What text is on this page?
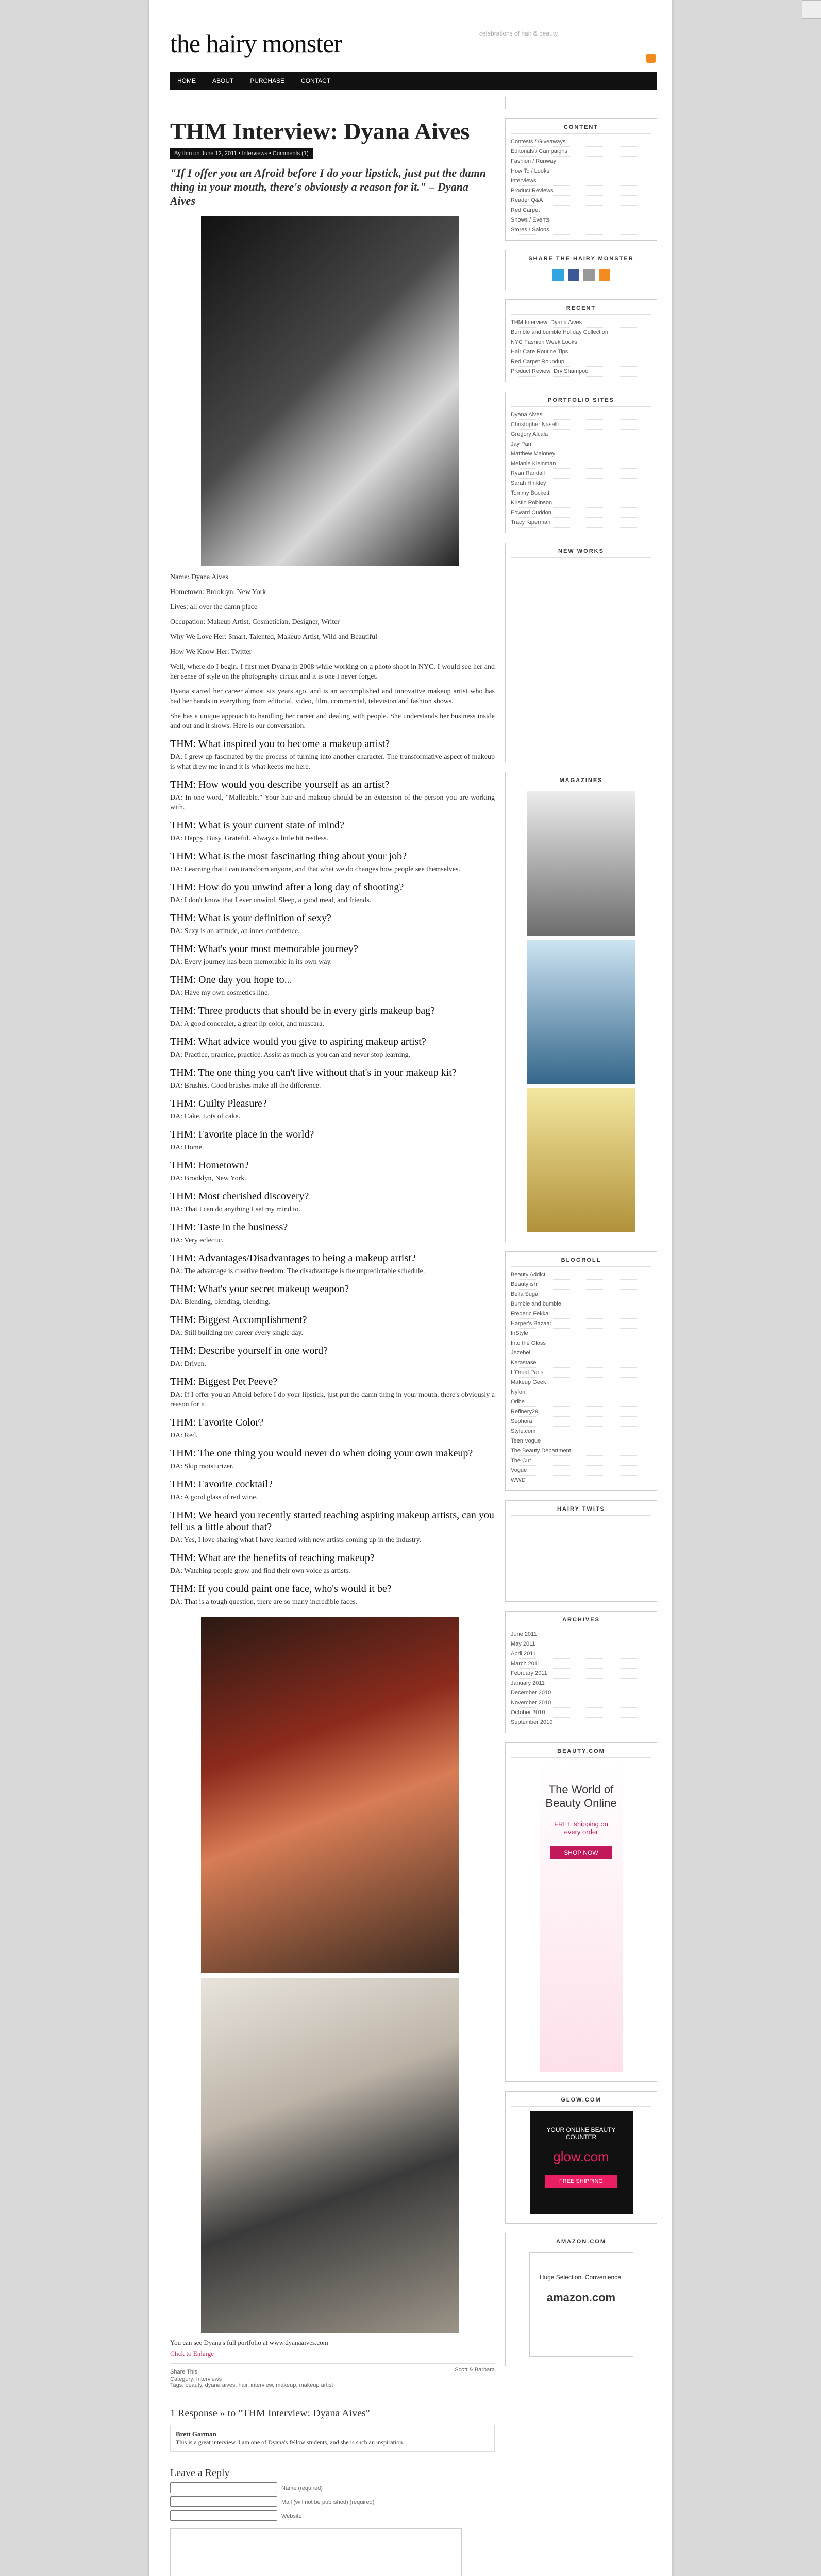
the hairy monster	celebrations of hair & beauty
HOME	ABOUT	PURCHASE	CONTACT
THM Interview: Dyana Aives
By thm on June 12, 2011 • Interviews • Comments (1)
"If I offer you an Afroid before I do your lipstick, just put the damn thing in your mouth, there's obviously a reason for it." – Dyana Aives
Name: Dyana Aives
Hometown: Brooklyn, New York
Lives: all over the damn place
Occupation: Makeup Artist, Cosmetician, Designer, Writer
Why We Love Her: Smart, Talented, Makeup Artist, Wild and Beautiful
How We Know Her: Twitter
Well, where do I begin. I first met Dyana in 2008 while working on a photo shoot in NYC. I would see her and her sense of style on the photography circuit and it is one I never forget.
Dyana started her career almost six years ago, and is an accomplished and innovative makeup artist who has had her hands in everything from editorial, video, film, commercial, television and fashion shows.
She has a unique approach to handling her career and dealing with people. She understands her business inside and out and it shows. Here is our conversation.
THM: What inspired you to become a makeup artist?
DA: I grew up fascinated by the process of turning into another character. The transformative aspect of makeup is what drew me in and it is what keeps me here.
THM: How would you describe yourself as an artist?
DA: In one word, "Malleable." Your hair and makeup should be an extension of the person you are working with.
THM: What is your current state of mind?
DA: Happy. Busy. Grateful. Always a little bit restless.
THM: What is the most fascinating thing about your job?
DA: Learning that I can transform anyone, and that what we do changes how people see themselves.
THM: How do you unwind after a long day of shooting?
DA: I don't know that I ever unwind. Sleep, a good meal, and friends.
THM: What is your definition of sexy?
DA: Sexy is an attitude, an inner confidence.
THM: What's your most memorable journey?
DA: Every journey has been memorable in its own way.
THM: One day you hope to...
DA: Have my own cosmetics line.
THM: Three products that should be in every girls makeup bag?
DA: A good concealer, a great lip color, and mascara.
THM: What advice would you give to aspiring makeup artist?
DA: Practice, practice, practice. Assist as much as you can and never stop learning.
THM: The one thing you can't live without that's in your makeup kit?
DA: Brushes. Good brushes make all the difference.
THM: Guilty Pleasure?
DA: Cake. Lots of cake.
THM: Favorite place in the world?
DA: Home.
THM: Hometown?
DA: Brooklyn, New York.
THM: Most cherished discovery?
DA: That I can do anything I set my mind to.
THM: Taste in the business?
DA: Very eclectic.
THM: Advantages/Disadvantages to being a makeup artist?
DA: The advantage is creative freedom. The disadvantage is the unpredictable schedule.
THM: What's your secret makeup weapon?
DA: Blending, blending, blending.
THM: Biggest Accomplishment?
DA: Still building my career every single day.
THM: Describe yourself in one word?
DA: Driven.
THM: Biggest Pet Peeve?
DA: If I offer you an Afroid before I do your lipstick, just put the damn thing in your mouth, there's obviously a reason for it.
THM: Favorite Color?
DA: Red.
THM: The one thing you would never do when doing your own makeup?
DA: Skip moisturizer.
THM: Favorite cocktail?
DA: A good glass of red wine.
THM: We heard you recently started teaching aspiring makeup artists, can you tell us a little about that?
DA: Yes, I love sharing what I have learned with new artists coming up in the industry.
THM: What are the benefits of teaching makeup?
DA: Watching people grow and find their own voice as artists.
THM: If you could paint one face, who's would it be?
DA: That is a tough question, there are so many incredible faces.
You can see Dyana's full portfolio at www.dyanaaives.com
Click to Enlarge
Share This	Scott & Barbara
Category: Interviews
Tags: beauty, dyana aives, hair, interview, makeup, makeup artist
1 Response » to "THM Interview: Dyana Aives"
Brett Gorman
This is a great interview. I am one of Dyana's fellow students, and she is such an inspiration.
Leave a Reply
Name (required)
Mail (will not be published) (required)
Website
CONTENT
Contests / Giveaways
Editorials / Campaigns
Fashion / Runway
How To / Looks
Interviews
Product Reviews
Reader Q&A
Red Carpet
Shows / Events
Stores / Salons
SHARE THE HAIRY MONSTER

RECENT
THM Interview: Dyana Aives
Bumble and bumble Holiday Collection
NYC Fashion Week Looks
Hair Care Routine Tips
Red Carpet Roundup
Product Review: Dry Shampoo
PORTFOLIO SITES
Dyana Aives
Christopher Naselli
Gregory Alcala
Jay Pan
Matthew Maloney
Melanie Kleinman
Ryan Randall
Sarah Hinkley
Tommy Buckett
Kristin Robinson
Edward Cuddon
Tracy Kiperman
NEW WORKS
MAGAZINES
BLOGROLL
Beauty Addict
Beautylish
Bella Sugar
Bumble and bumble
Frederic Fekkai
Harper's Bazaar
InStyle
Into the Gloss
Jezebel
Kerastase
L'Oreal Paris
Makeup Geek
Nylon
Oribe
Refinery29
Sephora
Style.com
Teen Vogue
The Beauty Department
The Cut
Vogue
WWD
HAIRY TWITS
ARCHIVES
June 2011
May 2011
April 2011
March 2011
February 2011
January 2011
December 2010
November 2010
October 2010
September 2010
BEAUTY.COM
The World of Beauty Online
FREE shipping on every order
SHOP NOW
GLOW.COM
YOUR ONLINE BEAUTY COUNTER
glow.com
FREE SHIPPING
AMAZON.COM
Huge Selection. Convenience.
amazon.com
